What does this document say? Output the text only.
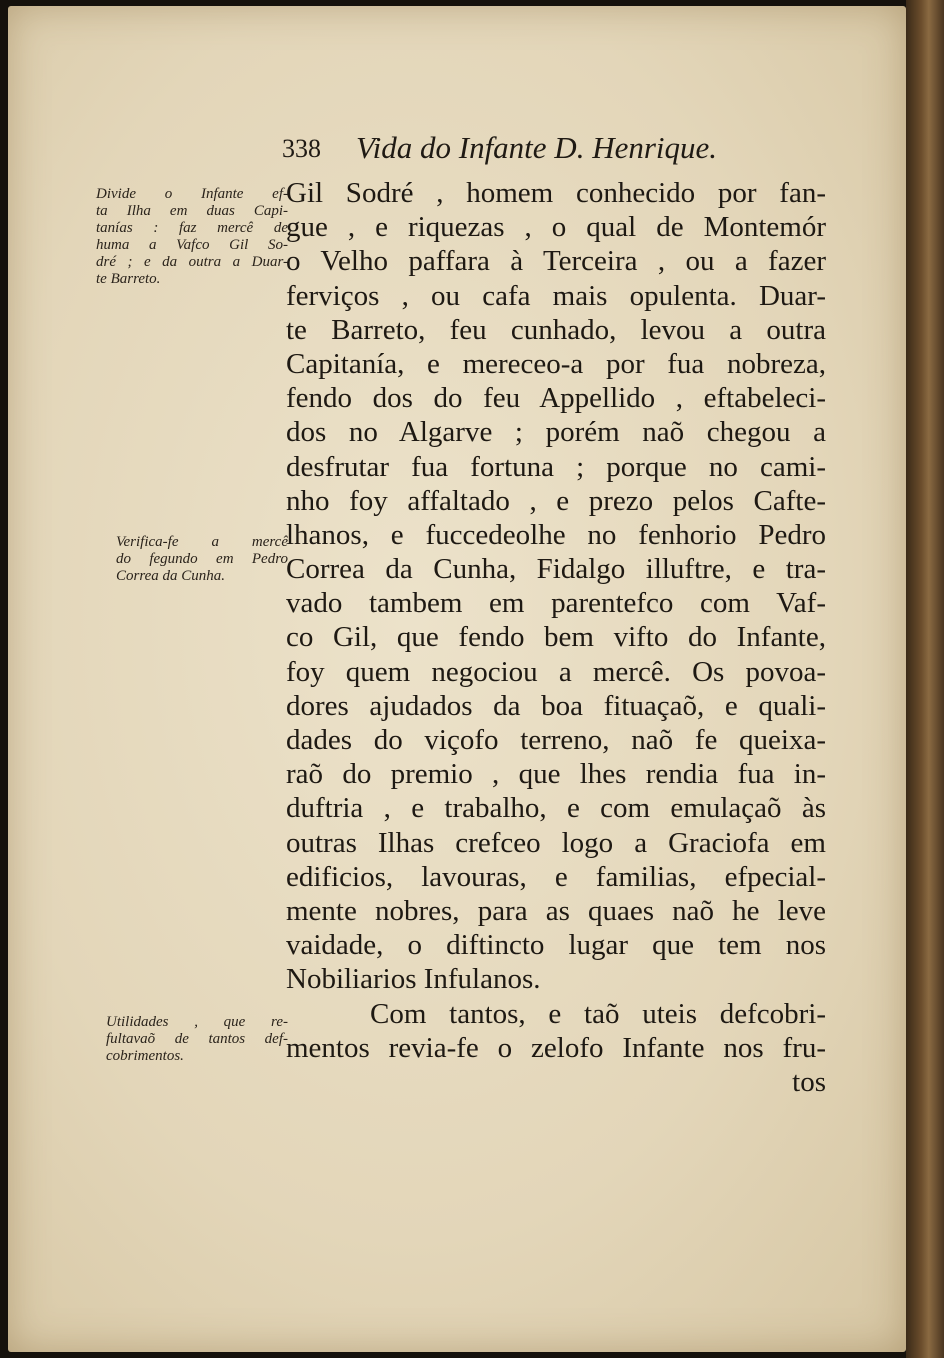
338 Vida do Infante D. Henrique.
Divide o Infante ef-
ta Ilha em duas Capi-
tanías : faz mercê de
huma a Vafco Gil So-
dré ; e da outra a Duar-
te Barreto.
Verifica-fe a mercê
do fegundo em Pedro
Correa da Cunha.
Utilidades , que re-
fultavaõ de tantos def-
cobrimentos.
Gil Sodré , homem conhecido por fan-
gue , e riquezas , o qual de Montemór
o Velho paffara à Terceira , ou a fazer
ferviços , ou cafa mais opulenta. Duar-
te Barreto, feu cunhado, levou a outra
Capitanía, e mereceo-a por fua nobreza,
fendo dos do feu Appellido , eftabeleci-
dos no Algarve ; porém naõ chegou a
desfrutar fua fortuna ; porque no cami-
nho foy affaltado , e prezo pelos Cafte-
lhanos, e fuccedeolhe no fenhorio Pedro
Correa da Cunha, Fidalgo illuftre, e tra-
vado tambem em parentefco com Vaf-
co Gil, que fendo bem vifto do Infante,
foy quem negociou a mercê. Os povoa-
dores ajudados da boa fituaçaõ, e quali-
dades do viçofo terreno, naõ fe queixa-
raõ do premio , que lhes rendia fua in-
duftria , e trabalho, e com emulaçaõ às
outras Ilhas crefceo logo a Graciofa em
edificios, lavouras, e familias, efpecial-
mente nobres, para as quaes naõ he leve
vaidade, o diftincto lugar que tem nos
Nobiliarios Infulanos.
Com tantos, e taõ uteis defcobri-
mentos revia-fe o zelofo Infante nos fru-
tos
